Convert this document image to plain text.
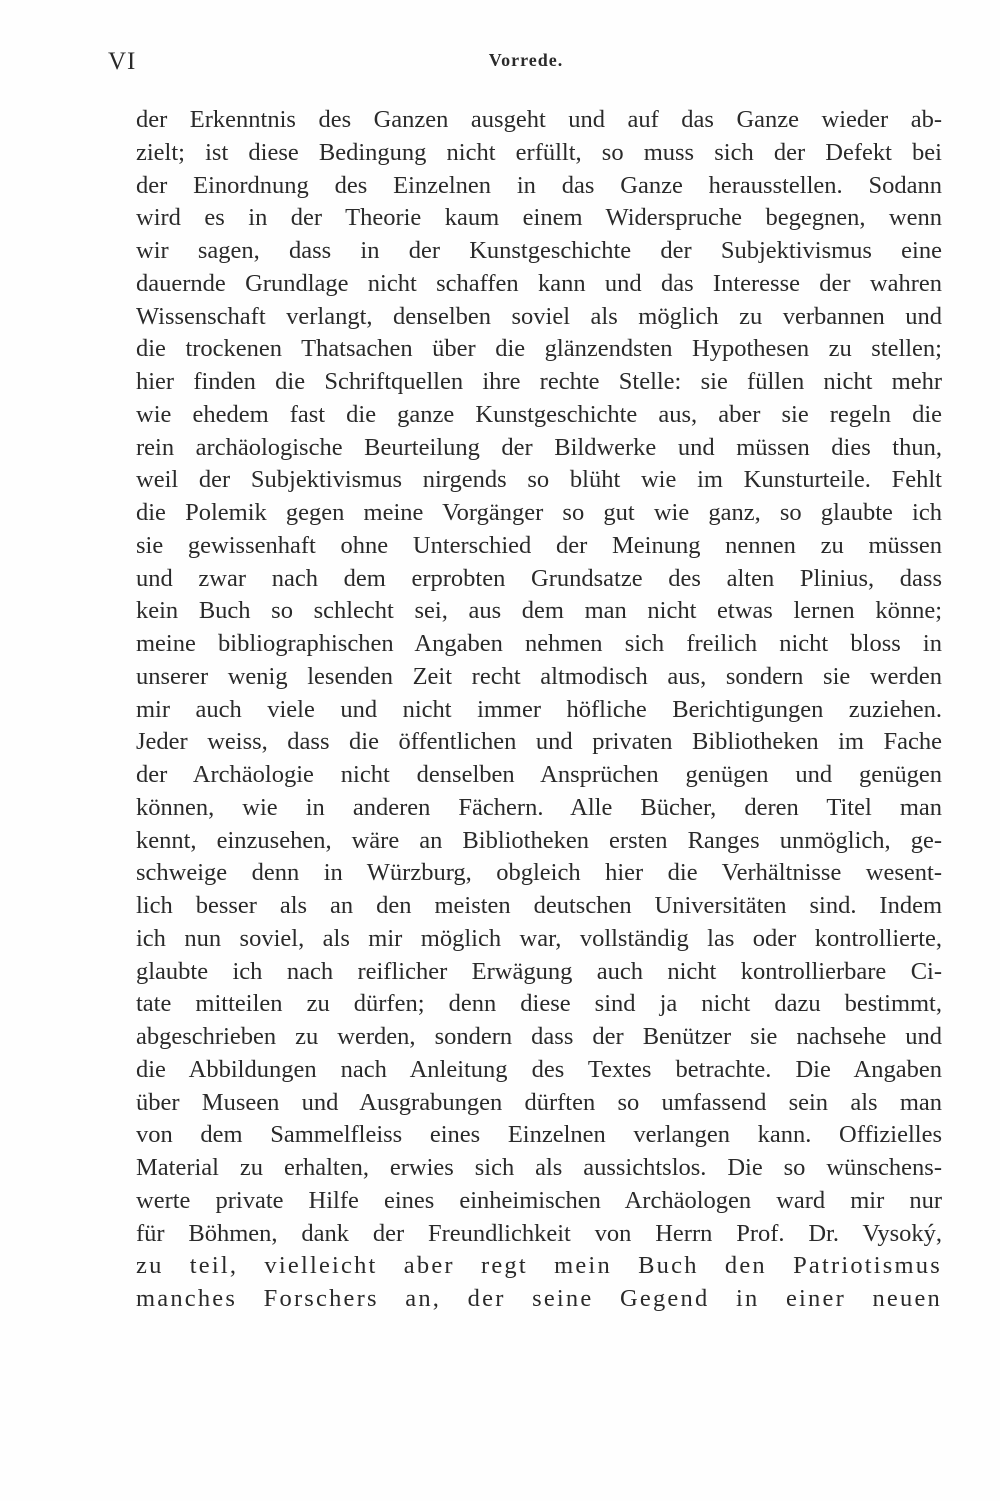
VI	Vorrede.
der Erkenntnis des Ganzen ausgeht und auf das Ganze wieder ab-
zielt; ist diese Bedingung nicht erfüllt, so muss sich der Defekt bei
der Einordnung des Einzelnen in das Ganze herausstellen. Sodann
wird es in der Theorie kaum einem Widerspruche begegnen, wenn
wir sagen, dass in der Kunstgeschichte der Subjektivismus eine
dauernde Grundlage nicht schaffen kann und das Interesse der wahren
Wissenschaft verlangt, denselben soviel als möglich zu verbannen und
die trockenen Thatsachen über die glänzendsten Hypothesen zu stellen;
hier finden die Schriftquellen ihre rechte Stelle: sie füllen nicht mehr
wie ehedem fast die ganze Kunstgeschichte aus, aber sie regeln die
rein archäologische Beurteilung der Bildwerke und müssen dies thun,
weil der Subjektivismus nirgends so blüht wie im Kunsturteile. Fehlt
die Polemik gegen meine Vorgänger so gut wie ganz, so glaubte ich
sie gewissenhaft ohne Unterschied der Meinung nennen zu müssen
und zwar nach dem erprobten Grundsatze des alten Plinius, dass
kein Buch so schlecht sei, aus dem man nicht etwas lernen könne;
meine bibliographischen Angaben nehmen sich freilich nicht bloss in
unserer wenig lesenden Zeit recht altmodisch aus, sondern sie werden
mir auch viele und nicht immer höfliche Berichtigungen zuziehen.
Jeder weiss, dass die öffentlichen und privaten Bibliotheken im Fache
der Archäologie nicht denselben Ansprüchen genügen und genügen
können, wie in anderen Fächern. Alle Bücher, deren Titel man
kennt, einzusehen, wäre an Bibliotheken ersten Ranges unmöglich, ge-
schweige denn in Würzburg, obgleich hier die Verhältnisse wesent-
lich besser als an den meisten deutschen Universitäten sind. Indem
ich nun soviel, als mir möglich war, vollständig las oder kontrollierte,
glaubte ich nach reiflicher Erwägung auch nicht kontrollierbare Ci-
tate mitteilen zu dürfen; denn diese sind ja nicht dazu bestimmt,
abgeschrieben zu werden, sondern dass der Benützer sie nachsehe und
die Abbildungen nach Anleitung des Textes betrachte. Die Angaben
über Museen und Ausgrabungen dürften so umfassend sein als man
von dem Sammelfleiss eines Einzelnen verlangen kann. Offizielles
Material zu erhalten, erwies sich als aussichtslos. Die so wünschens-
werte private Hilfe eines einheimischen Archäologen ward mir nur
für Böhmen, dank der Freundlichkeit von Herrn Prof. Dr. Vysoký,
zu teil, vielleicht aber regt mein Buch den Patriotismus
manches Forschers an, der seine Gegend in einer neuen
